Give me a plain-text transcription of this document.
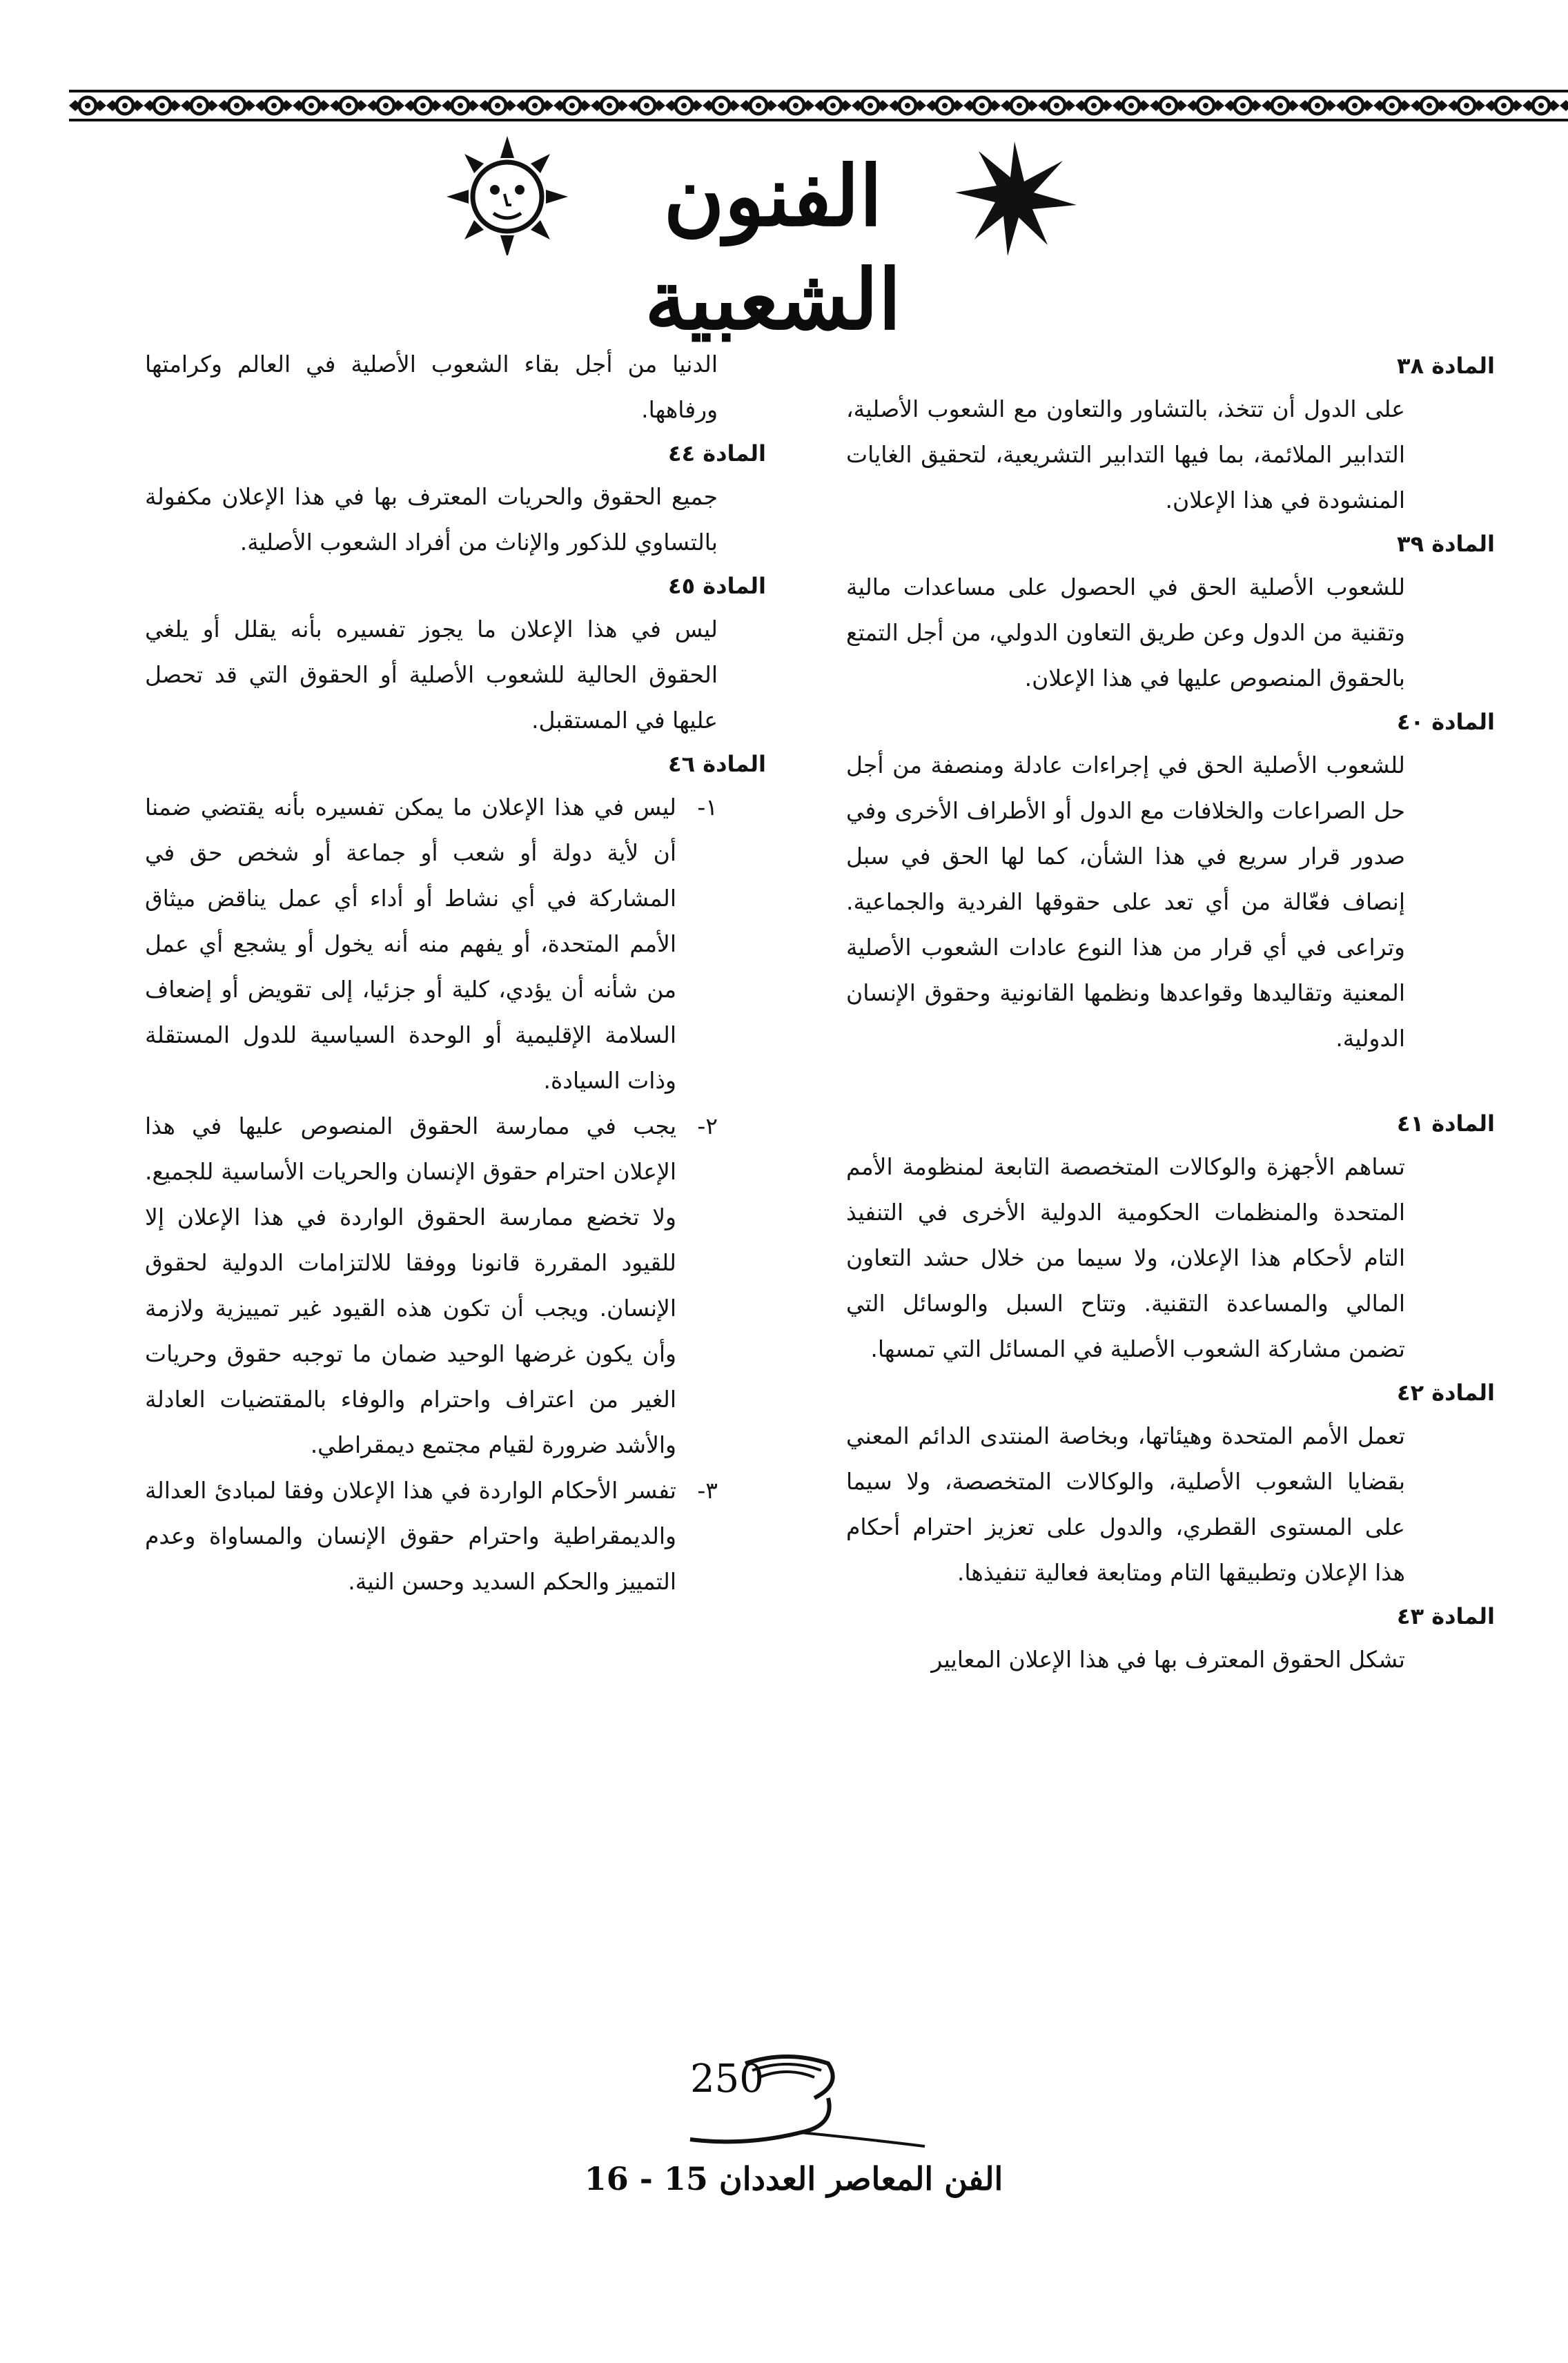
الفنون الشعبية

المادة ٣٨

على الدول أن تتخذ، بالتشاور والتعاون مع الشعوب الأصلية، التدابير الملائمة، بما فيها التدابير التشريعية، لتحقيق الغايات المنشودة في هذا الإعلان.

المادة ٣٩

للشعوب الأصلية الحق في الحصول على مساعدات مالية وتقنية من الدول وعن طريق التعاون الدولي، من أجل التمتع بالحقوق المنصوص عليها في هذا الإعلان.

المادة ٤٠

للشعوب الأصلية الحق في إجراءات عادلة ومنصفة من أجل حل الصراعات والخلافات مع الدول أو الأطراف الأخرى وفي صدور قرار سريع في هذا الشأن، كما لها الحق في سبل إنصاف فعّالة من أي تعد على حقوقها الفردية والجماعية. وتراعى في أي قرار من هذا النوع عادات الشعوب الأصلية المعنية وتقاليدها وقواعدها ونظمها القانونية وحقوق الإنسان الدولية.

المادة ٤١

تساهم الأجهزة والوكالات المتخصصة التابعة لمنظومة الأمم المتحدة والمنظمات الحكومية الدولية الأخرى في التنفيذ التام لأحكام هذا الإعلان، ولا سيما من خلال حشد التعاون المالي والمساعدة التقنية. وتتاح السبل والوسائل التي تضمن مشاركة الشعوب الأصلية في المسائل التي تمسها.

المادة ٤٢

تعمل الأمم المتحدة وهيئاتها، وبخاصة المنتدى الدائم المعني بقضايا الشعوب الأصلية، والوكالات المتخصصة، ولا سيما على المستوى القطري، والدول على تعزيز احترام أحكام هذا الإعلان وتطبيقها التام ومتابعة فعالية تنفيذها.

المادة ٤٣

تشكل الحقوق المعترف بها في هذا الإعلان المعايير

الدنيا من أجل بقاء الشعوب الأصلية في العالم وكرامتها ورفاهها.

المادة ٤٤

جميع الحقوق والحريات المعترف بها في هذا الإعلان مكفولة بالتساوي للذكور والإناث من أفراد الشعوب الأصلية.

المادة ٤٥

ليس في هذا الإعلان ما يجوز تفسيره بأنه يقلل أو يلغي الحقوق الحالية للشعوب الأصلية أو الحقوق التي قد تحصل عليها في المستقبل.

المادة ٤٦

١-
ليس في هذا الإعلان ما يمكن تفسيره بأنه يقتضي ضمنا أن لأية دولة أو شعب أو جماعة أو شخص حق في المشاركة في أي نشاط أو أداء أي عمل يناقض ميثاق الأمم المتحدة، أو يفهم منه أنه يخول أو يشجع أي عمل من شأنه أن يؤدي، كلية أو جزئيا، إلى تقويض أو إضعاف السلامة الإقليمية أو الوحدة السياسية للدول المستقلة وذات السيادة.
٢-
يجب في ممارسة الحقوق المنصوص عليها في هذا الإعلان احترام حقوق الإنسان والحريات الأساسية للجميع. ولا تخضع ممارسة الحقوق الواردة في هذا الإعلان إلا للقيود المقررة قانونا ووفقا للالتزامات الدولية لحقوق الإنسان. ويجب أن تكون هذه القيود غير تمييزية ولازمة وأن يكون غرضها الوحيد ضمان ما توجبه حقوق وحريات الغير من اعتراف واحترام والوفاء بالمقتضيات العادلة والأشد ضرورة لقيام مجتمع ديمقراطي.
٣-
تفسر الأحكام الواردة في هذا الإعلان وفقا لمبادئ العدالة والديمقراطية واحترام حقوق الإنسان والمساواة وعدم التمييز والحكم السديد وحسن النية.
250
الفن المعاصر العددان 15 - 16
